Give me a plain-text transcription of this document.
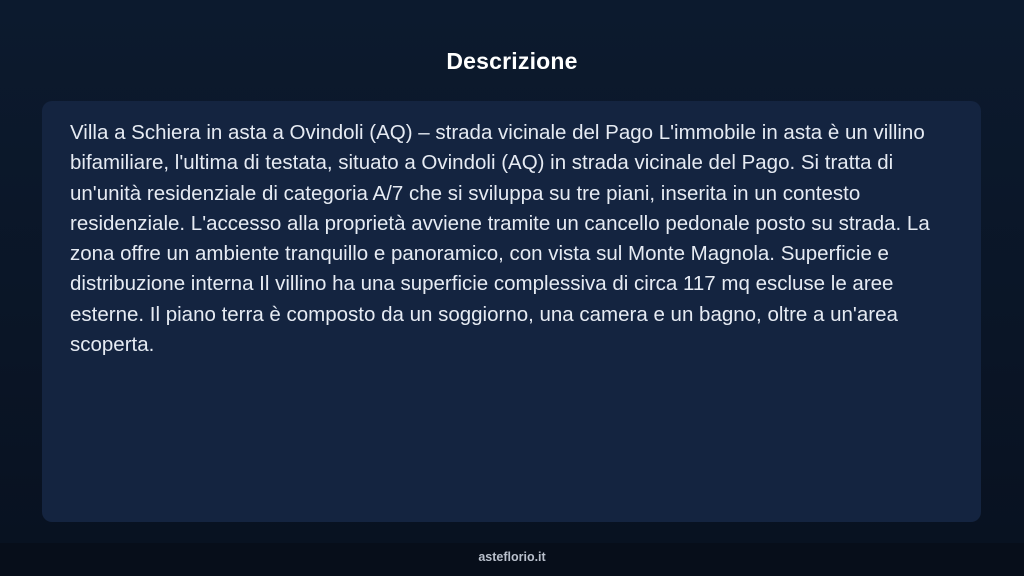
Descrizione

Villa a Schiera in asta a Ovindoli (AQ) – strada vicinale del Pago L'immobile in asta è un villino bifamiliare, l'ultima di testata, situato a Ovindoli (AQ) in strada vicinale del Pago. Si tratta di un'unità residenziale di categoria A/7 che si sviluppa su tre piani, inserita in un contesto residenziale. L'accesso alla proprietà avviene tramite un cancello pedonale posto su strada. La zona offre un ambiente tranquillo e panoramico, con vista sul Monte Magnola. Superficie e distribuzione interna Il villino ha una superficie complessiva di circa 117 mq escluse le aree esterne. Il piano terra è composto da un soggiorno, una camera e un bagno, oltre a un'area scoperta.

asteflorio.it
